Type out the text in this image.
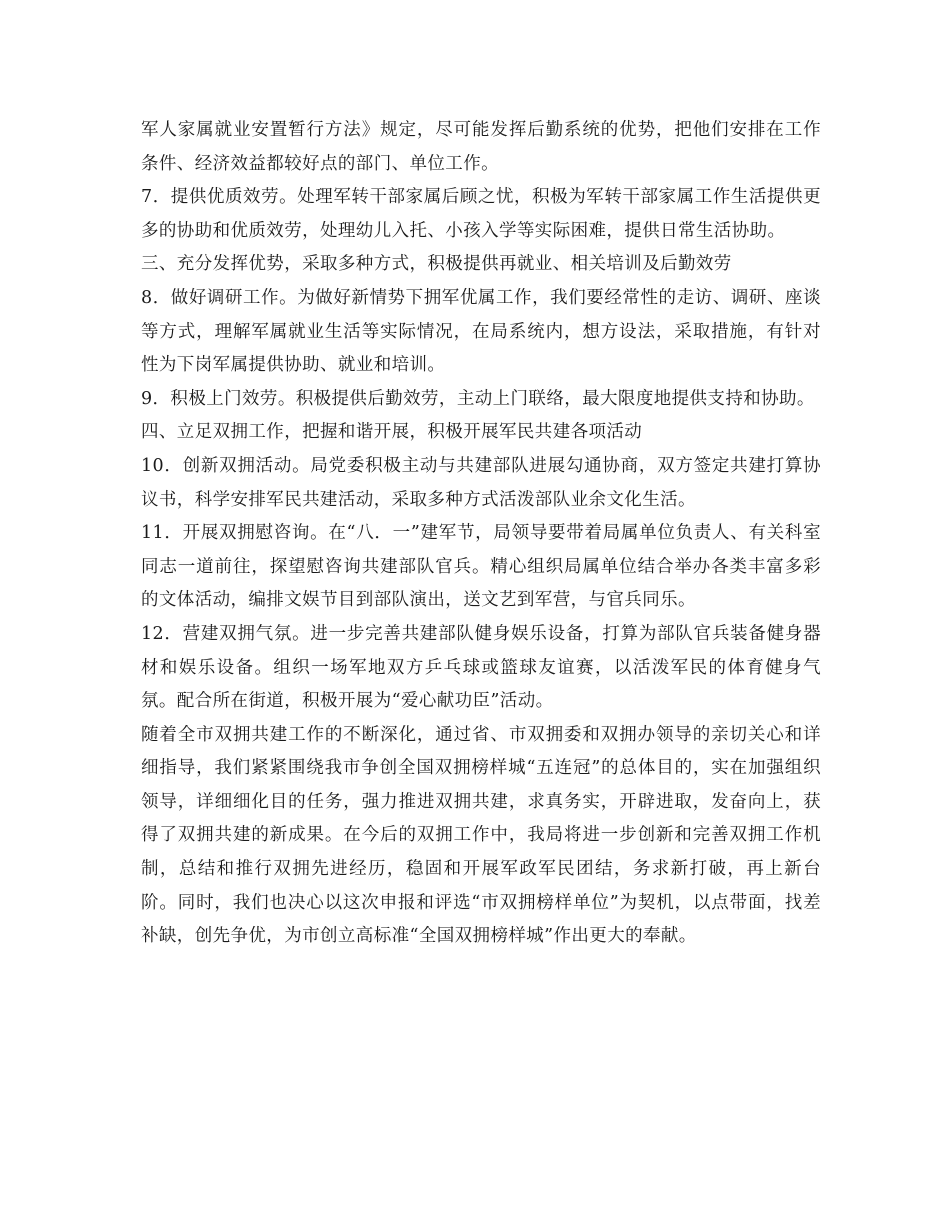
军人家属就业安置暂行方法》规定，尽可能发挥后勤系统的优势，把他们安排在工作条件、经济效益都较好点的部门、单位工作。

7．提供优质效劳。处理军转干部家属后顾之忧，积极为军转干部家属工作生活提供更多的协助和优质效劳，处理幼儿入托、小孩入学等实际困难，提供日常生活协助。

三、充分发挥优势，采取多种方式，积极提供再就业、相关培训及后勤效劳

8．做好调研工作。为做好新情势下拥军优属工作，我们要经常性的走访、调研、座谈等方式，理解军属就业生活等实际情况，在局系统内，想方设法，采取措施，有针对性为下岗军属提供协助、就业和培训。

9．积极上门效劳。积极提供后勤效劳，主动上门联络，最大限度地提供支持和协助。

四、立足双拥工作，把握和谐开展，积极开展军民共建各项活动

10．创新双拥活动。局党委积极主动与共建部队进展勾通协商，双方签定共建打算协议书，科学安排军民共建活动，采取多种方式活泼部队业余文化生活。

11．开展双拥慰咨询。在“八．一”建军节，局领导要带着局属单位负责人、有关科室同志一道前往，探望慰咨询共建部队官兵。精心组织局属单位结合举办各类丰富多彩的文体活动，编排文娱节目到部队演出，送文艺到军营，与官兵同乐。

12．营建双拥气氛。进一步完善共建部队健身娱乐设备，打算为部队官兵装备健身器材和娱乐设备。组织一场军地双方乒乓球或篮球友谊赛，以活泼军民的体育健身气氛。配合所在街道，积极开展为“爱心献功臣”活动。

随着全市双拥共建工作的不断深化，通过省、市双拥委和双拥办领导的亲切关心和详细指导，我们紧紧围绕我市争创全国双拥榜样城“五连冠”的总体目的，实在加强组织领导，详细细化目的任务，强力推进双拥共建，求真务实，开辟进取，发奋向上，获得了双拥共建的新成果。在今后的双拥工作中，我局将进一步创新和完善双拥工作机制，总结和推行双拥先进经历，稳固和开展军政军民团结，务求新打破，再上新台阶。同时，我们也决心以这次申报和评选“市双拥榜样单位”为契机，以点带面，找差补缺，创先争优，为市创立高标准“全国双拥榜样城”作出更大的奉献。
